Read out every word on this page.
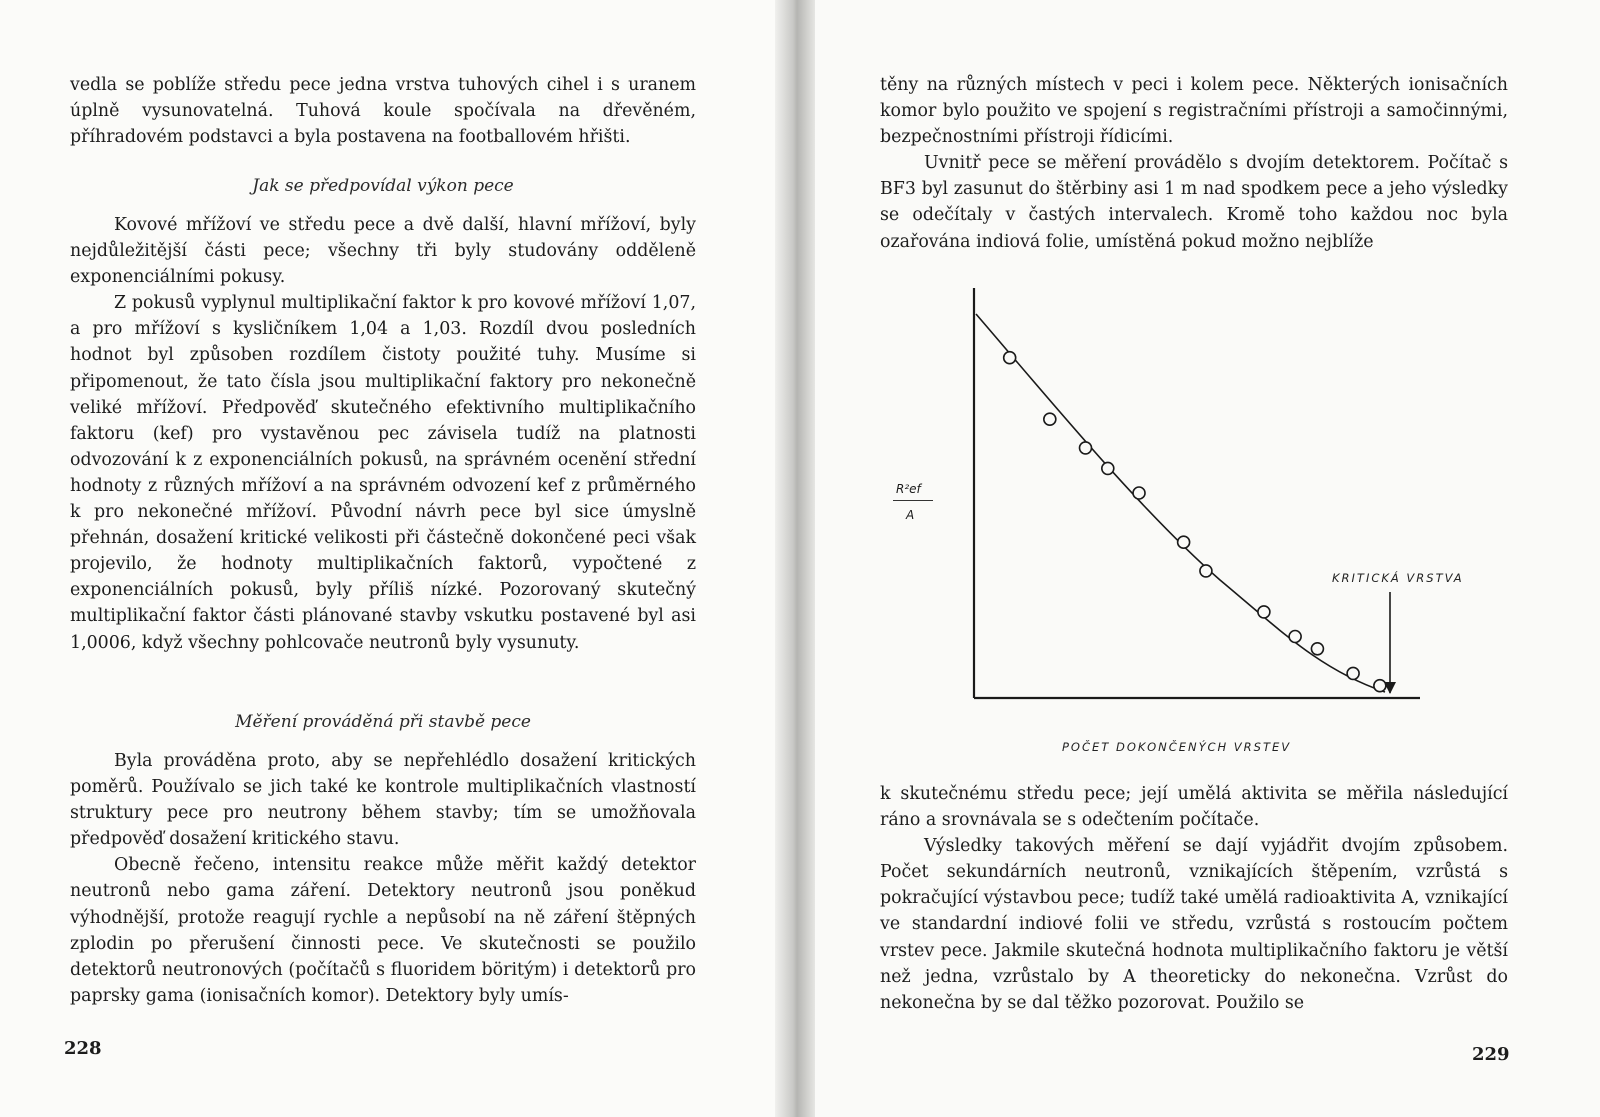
vedla se poblíže středu pece jedna vrstva tuhových cihel i s uranem úplně vysunovatelná. Tuhová koule spočívala na dřevěném, příhradovém podstavci a byla postavena na footballovém hřišti.

Jak se předpovídal výkon pece

Kovové mřížoví ve středu pece a dvě další, hlavní mřížoví, byly nejdůležitější části pece; všechny tři byly studovány odděleně exponenciálními pokusy.

Z pokusů vyplynul multiplikační faktor k pro kovové mřížoví 1,07, a pro mřížoví s kysličníkem 1,04 a 1,03. Rozdíl dvou posledních hodnot byl způsoben rozdílem čistoty použité tuhy. Musíme si připomenout, že tato čísla jsou multiplikační faktory pro nekonečně veliké mřížoví. Předpověď skutečného efektivního multiplikačního faktoru (kef) pro vystavěnou pec závisela tudíž na platnosti odvozování k z exponenciálních pokusů, na správném ocenění střední hodnoty z různých mřížoví a na správném odvození kef z průměrného k pro nekonečné mřížoví. Původní návrh pece byl sice úmyslně přehnán, dosažení kritické velikosti při částečně dokončené peci však projevilo, že hodnoty multiplikačních faktorů, vypočtené z exponenciálních pokusů, byly příliš nízké. Pozorovaný skutečný multiplikační faktor části plánované stavby vskutku postavené byl asi 1,0006, když všechny pohlcovače neutronů byly vysunuty.

Měření prováděná při stavbě pece

Byla prováděna proto, aby se nepřehlédlo dosažení kritických poměrů. Používalo se jich také ke kontrole multiplikačních vlastností struktury pece pro neutrony během stavby; tím se umožňovala předpověď dosažení kritického stavu.

Obecně řečeno, intensitu reakce může měřit každý detektor neutronů nebo gama záření. Detektory neutronů jsou poněkud výhodnější, protože reagují rychle a nepůsobí na ně záření štěpných zplodin po přerušení činnosti pece. Ve skutečnosti se použilo detektorů neutronových (počítačů s fluoridem böritým) i detektorů pro paprsky gama (ionisačních komor). Detektory byly umís-

228

těny na různých místech v peci i kolem pece. Některých ionisačních komor bylo použito ve spojení s registračními přístroji a samočinnými, bezpečnostními přístroji řídicími.

Uvnitř pece se měření provádělo s dvojím detektorem. Počítač s BF3 byl zasunut do štěrbiny asi 1 m nad spodkem pece a jeho výsledky se odečítaly v častých intervalech. Kromě toho každou noc byla ozařována indiová folie, umístěná pokud možno nejblíže

R²ef
A
KRITICKÁ VRSTVA
POČET DOKONČENÝCH VRSTEV

k skutečnému středu pece; její umělá aktivita se měřila následující ráno a srovnávala se s odečtením počítače.

Výsledky takových měření se dají vyjádřit dvojím způsobem. Počet sekundárních neutronů, vznikajících štěpením, vzrůstá s pokračující výstavbou pece; tudíž také umělá radioaktivita A, vznikající ve standardní indiové folii ve středu, vzrůstá s rostoucím počtem vrstev pece. Jakmile skutečná hodnota multiplikačního faktoru je větší než jedna, vzrůstalo by A theoreticky do nekonečna. Vzrůst do nekonečna by se dal těžko pozorovat. Použilo se

229
